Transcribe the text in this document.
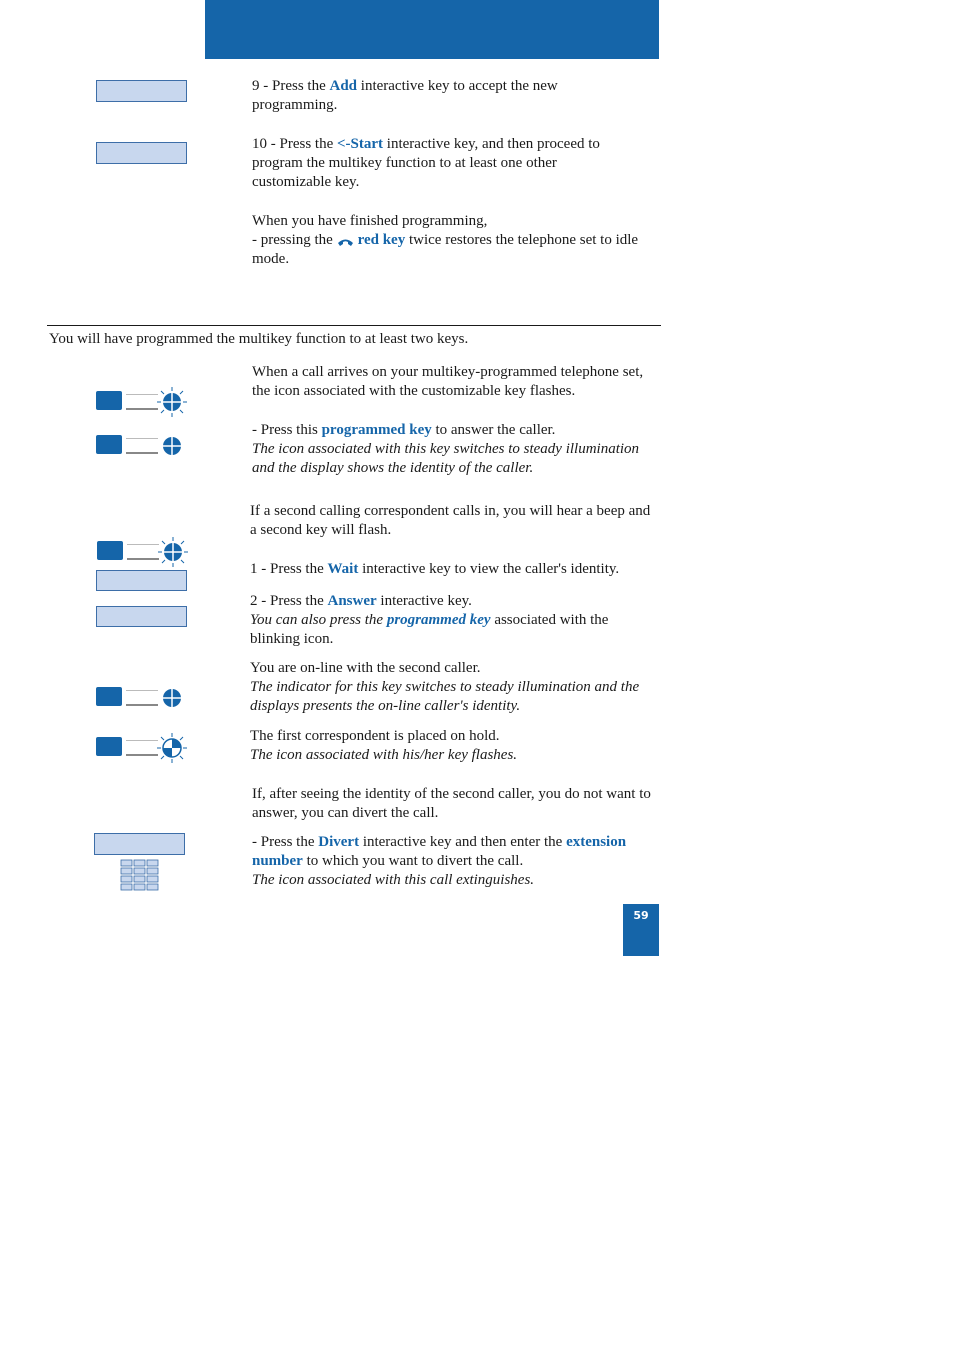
9 - Press the Add interactive key to accept the new programming.

10 - Press the <-Start interactive key, and then proceed to program the multikey function to at least one other customizable key.

When you have finished programming,

- pressing the red key twice restores the telephone set to idle mode.

You will have programmed the multikey function to at least two keys.

When a call arrives on your multikey-programmed telephone set, the icon associated with the customizable key flashes.

- Press this programmed key to answer the caller.

The icon associated with this key switches to steady illumination and the display shows the identity of the caller.

If a second calling correspondent calls in, you will hear a beep and a second key will flash.

1 - Press the Wait interactive key to view the caller's identity.

2 - Press the Answer interactive key.

You can also press the programmed key associated with the blinking icon.

You are on-line with the second caller.

The indicator for this key switches to steady illumination and the displays presents the on-line caller's identity.

The first correspondent is placed on hold.

The icon associated with his/her key flashes.

If, after seeing the identity of the second caller, you do not want to answer, you can divert the call.

- Press the Divert interactive key and then enter the extension number to which you want to divert the call.

The icon associated with this call extinguishes.

59
